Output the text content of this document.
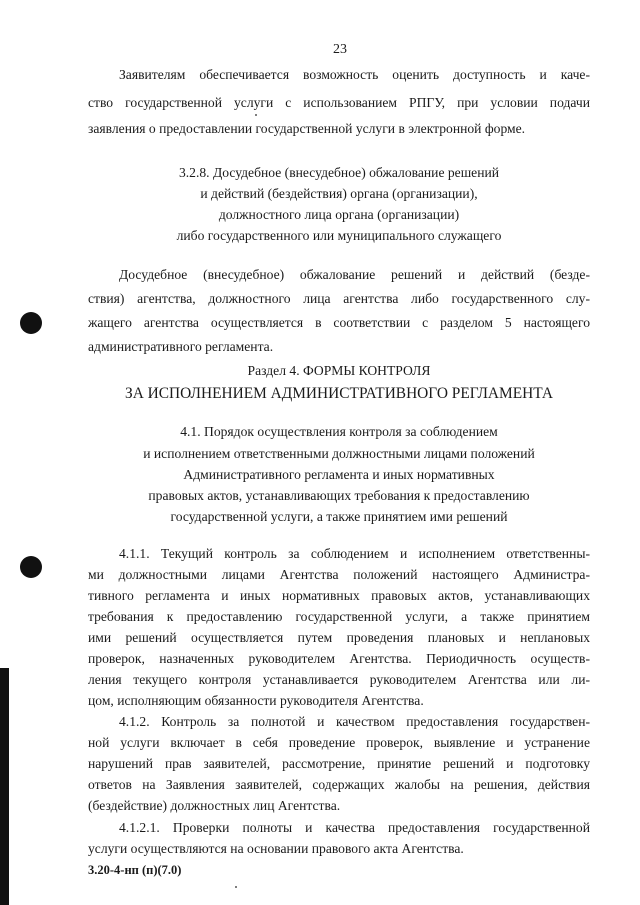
23
Заявителям обеспечивается возможность оценить доступность и каче-
ство государственной услуги с использованием РПГУ, при условии подачи
заявления о предоставлении государственной услуги в электронной форме.
3.2.8. Досудебное (внесудебное) обжалование решений
и действий (бездействия) органа (организации),
должностного лица органа (организации)
либо государственного или муниципального служащего
Досудебное (внесудебное) обжалование решений и действий (безде-
ствия) агентства, должностного лица агентства либо государственного слу-
жащего агентства осуществляется в соответствии с разделом 5 настоящего
административного регламента.
Раздел 4. ФОРМЫ КОНТРОЛЯ
ЗА ИСПОЛНЕНИЕМ АДМИНИСТРАТИВНОГО РЕГЛАМЕНТА
4.1. Порядок осуществления контроля за соблюдением
и исполнением ответственными должностными лицами положений
Административного регламента и иных нормативных
правовых актов, устанавливающих требования к предоставлению
государственной услуги, а также принятием ими решений
4.1.1. Текущий контроль за соблюдением и исполнением ответственны-
ми должностными лицами Агентства положений настоящего Администра-
тивного регламента и иных нормативных правовых актов, устанавливающих
требования к предоставлению государственной услуги, а также принятием
ими решений осуществляется путем проведения плановых и неплановых
проверок, назначенных руководителем Агентства. Периодичность осуществ-
ления текущего контроля устанавливается руководителем Агентства или ли-
цом, исполняющим обязанности руководителя Агентства.
4.1.2. Контроль за полнотой и качеством предоставления государствен-
ной услуги включает в себя проведение проверок, выявление и устранение
нарушений прав заявителей, рассмотрение, принятие решений и подготовку
ответов на Заявления заявителей, содержащих жалобы на решения, действия
(бездействие) должностных лиц Агентства.
4.1.2.1. Проверки полноты и качества предоставления государственной
услуги осуществляются на основании правового акта Агентства.
3.20-4-нп (п)(7.0)
